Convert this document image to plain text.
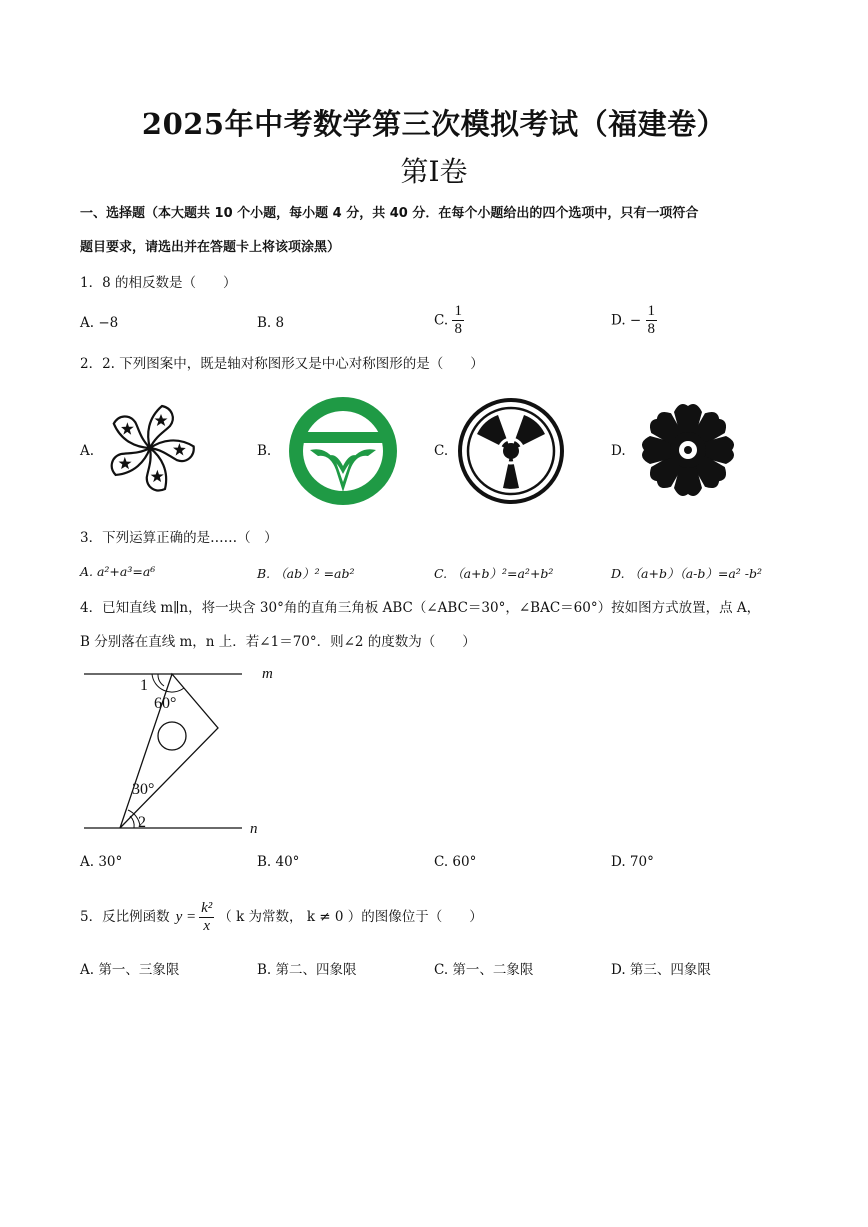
2025年中考数学第三次模拟考试（福建卷）
第I卷
一、选择题（本大题共 10 个小题，每小题 4 分，共 40 分．在每个小题给出的四个选项中，只有一项符合
题目要求，请选出并在答题卡上将该项涂黑）
1．8 的相反数是（　　）
A. −8	B. 8	C. $\frac{1}{8}$	D. − $\frac{1}{8}$
2．2. 下列图案中，既是轴对称图形又是中心对称图形的是（　　）
A.	B.	C.	D.
3．下列运算正确的是……（　）
A. a²+a³=a⁶	B. （ab）² =ab²	C. （a+b）²=a²+b²	D. （a+b）（a-b）=a² -b²
4．已知直线 m∥n，将一块含 30°角的直角三角板 ABC（∠ABC＝30°，∠BAC＝60°）按如图方式放置，点 A，
B 分别落在直线 m，n 上．若∠1＝70°．则∠2 的度数为（　　）
m
n
1
60°
30°
2
A. 30°	B. 40°	C. 60°	D. 70°
5．反比例函数 $y = \frac{\text{k²}}{x}$ （ k 为常数， k ≠ 0 ）的图像位于（　　）
A. 第一、三象限	B. 第二、四象限	C. 第一、二象限	D. 第三、四象限
